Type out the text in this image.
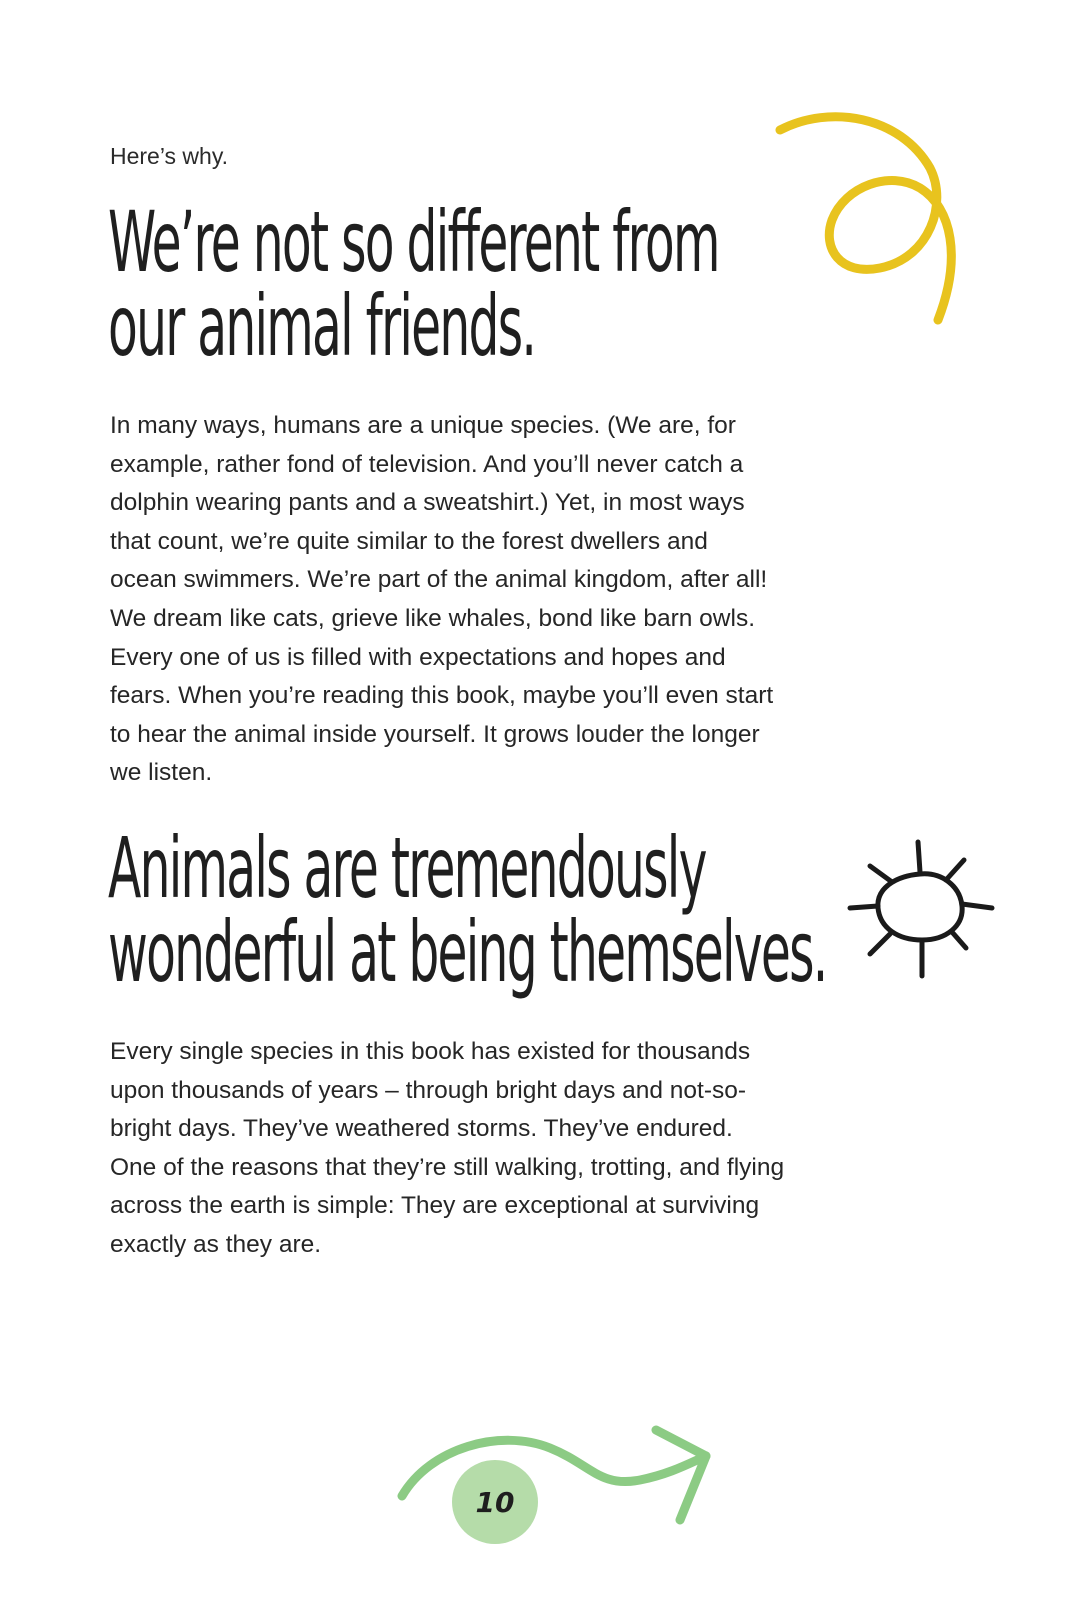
Here’s why.

We’re not so different from
our animal friends.
In many ways, humans are a unique species. (We are, for
example, rather fond of television. And you’ll never catch a
dolphin wearing pants and a sweatshirt.) Yet, in most ways
that count, we’re quite similar to the forest dwellers and
ocean swimmers. We’re part of the animal kingdom, after all!
We dream like cats, grieve like whales, bond like barn owls.
Every one of us is filled with expectations and hopes and
fears. When you’re reading this book, maybe you’ll even start
to hear the animal inside yourself. It grows louder the longer
we listen.
Animals are tremendously
wonderful at being themselves.
Every single species in this book has existed for thousands
upon thousands of years – through bright days and not-so-
bright days. They’ve weathered storms. They’ve endured.
One of the reasons that they’re still walking, trotting, and flying
across the earth is simple: They are exceptional at surviving
exactly as they are.
10
